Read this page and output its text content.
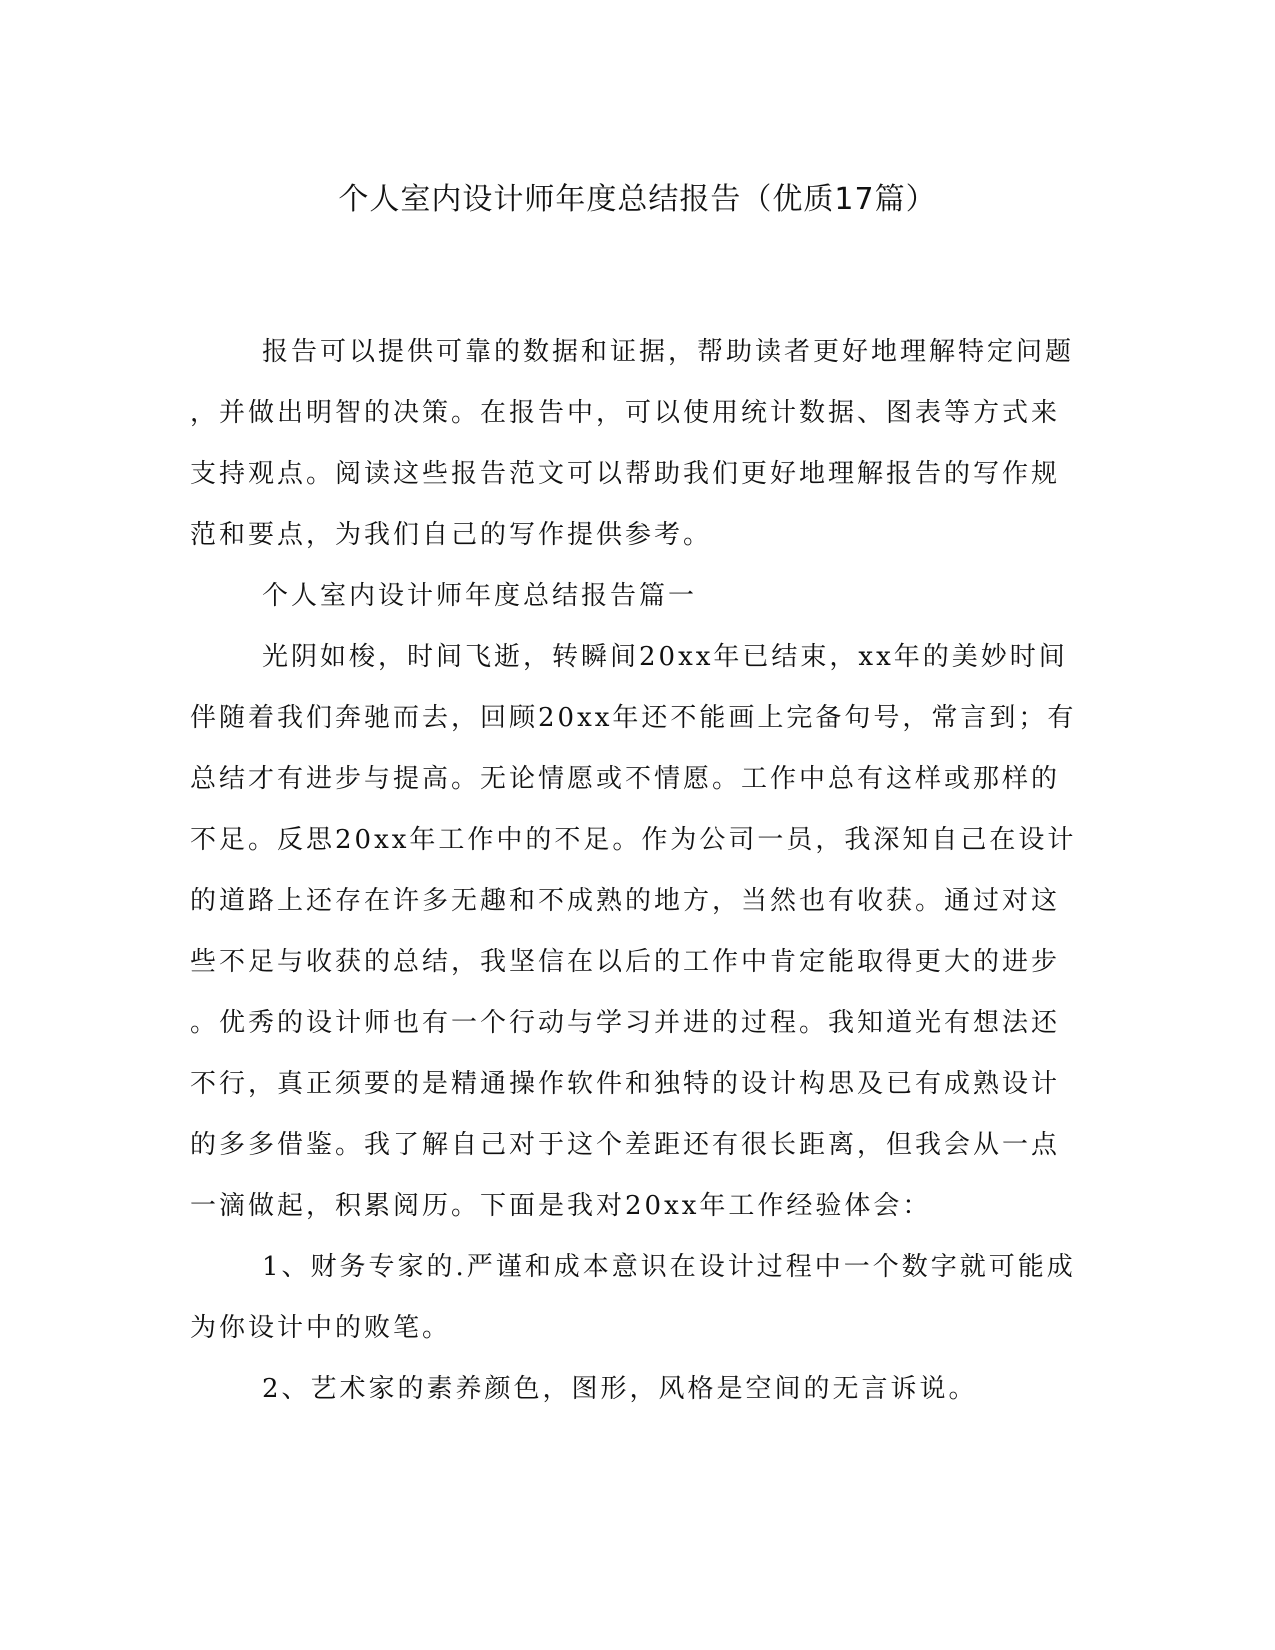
个人室内设计师年度总结报告（优质17篇）
报告可以提供可靠的数据和证据，帮助读者更好地理解特定问题
，并做出明智的决策。在报告中，可以使用统计数据、图表等方式来
支持观点。阅读这些报告范文可以帮助我们更好地理解报告的写作规
范和要点，为我们自己的写作提供参考。
个人室内设计师年度总结报告篇一
光阴如梭，时间飞逝，转瞬间20xx年已结束，xx年的美妙时间
伴随着我们奔驰而去，回顾20xx年还不能画上完备句号，常言到；有
总结才有进步与提高。无论情愿或不情愿。工作中总有这样或那样的
不足。反思20xx年工作中的不足。作为公司一员，我深知自己在设计
的道路上还存在许多无趣和不成熟的地方，当然也有收获。通过对这
些不足与收获的总结，我坚信在以后的工作中肯定能取得更大的进步
。优秀的设计师也有一个行动与学习并进的过程。我知道光有想法还
不行，真正须要的是精通操作软件和独特的设计构思及已有成熟设计
的多多借鉴。我了解自己对于这个差距还有很长距离，但我会从一点
一滴做起，积累阅历。下面是我对20xx年工作经验体会：
1、财务专家的.严谨和成本意识在设计过程中一个数字就可能成
为你设计中的败笔。
2、艺术家的素养颜色，图形，风格是空间的无言诉说。
